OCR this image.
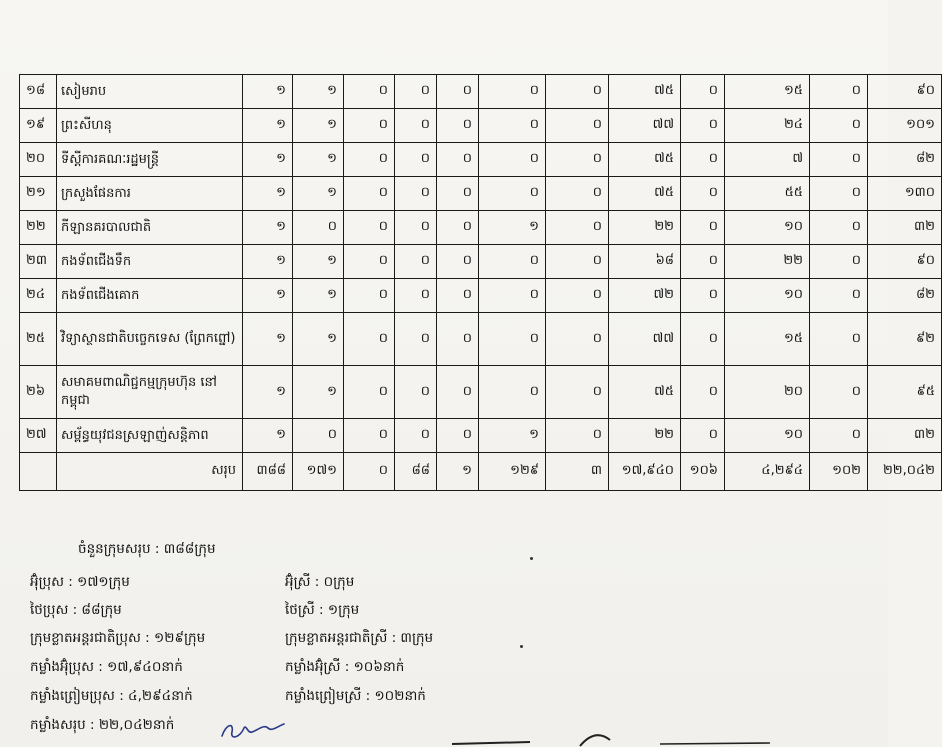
១៨	សៀមរាប	១	១	០	០	០	០	០	៧៥	០	១៥	០	៩០
១៩	ព្រះសីហនុ	១	១	០	០	០	០	០	៧៧	០	២៤	០	១០១
២០	ទីស្តីការគណៈរដ្ឋមន្ត្រី	១	១	០	០	០	០	០	៧៥	០	៧	០	៨២
២១	ក្រសួងផែនការ	១	១	០	០	០	០	០	៧៥	០	៥៥	០	១៣០
២២	កីឡានគរបាលជាតិ	១	០	០	០	០	១	០	២២	០	១០	០	៣២
២៣	កងទ័ពជើងទឹក	១	១	០	០	០	០	០	៦៨	០	២២	០	៩០
២៤	កងទ័ពជើងគោក	១	១	០	០	០	០	០	៧២	០	១០	០	៨២
២៥	វិទ្យាស្ថានជាតិបច្ចេកទេស (ព្រែកព្នៅ)	១	១	០	០	០	០	០	៧៧	០	១៥	០	៩២
២៦	សមាគមពាណិជ្ជកម្មក្រុមហ៊ុន នៅកម្ពុជា	១	១	០	០	០	០	០	៧៥	០	២០	០	៩៥
២៧	សម្ព័ន្ធយុវជនស្រឡាញ់សន្តិភាព	១	០	០	០	០	១	០	២២	០	១០	០	៣២
	សរុប	៣៨៨	១៧១	០	៨៨	១	១២៩	៣	១៧,៩៤០	១០៦	៤,២៩៤	១០២	២២,០៤២
ចំនួនក្រុមសរុប : ៣៨៨ក្រុម
អ៊ុំប្រុស : ១៧១ក្រុម	អ៊ុំស្រី : ០ក្រុម
ថៃប្រុស : ៨៨ក្រុម	ថៃស្រី : ១ក្រុម
ក្រុមខ្លាតអន្តរជាតិប្រុស : ១២៩ក្រុម	ក្រុមខ្លាតអន្តរជាតិស្រី : ៣ក្រុម
កម្លាំងអ៊ុំប្រុស : ១៧,៩៤០នាក់	កម្លាំងអ៊ុំស្រី : ១០៦នាក់
កម្លាំងព្រៀមប្រុស : ៤,២៩៤នាក់	កម្លាំងព្រៀមស្រី : ១០២នាក់
កម្លាំងសរុប : ២២,០៤២នាក់
